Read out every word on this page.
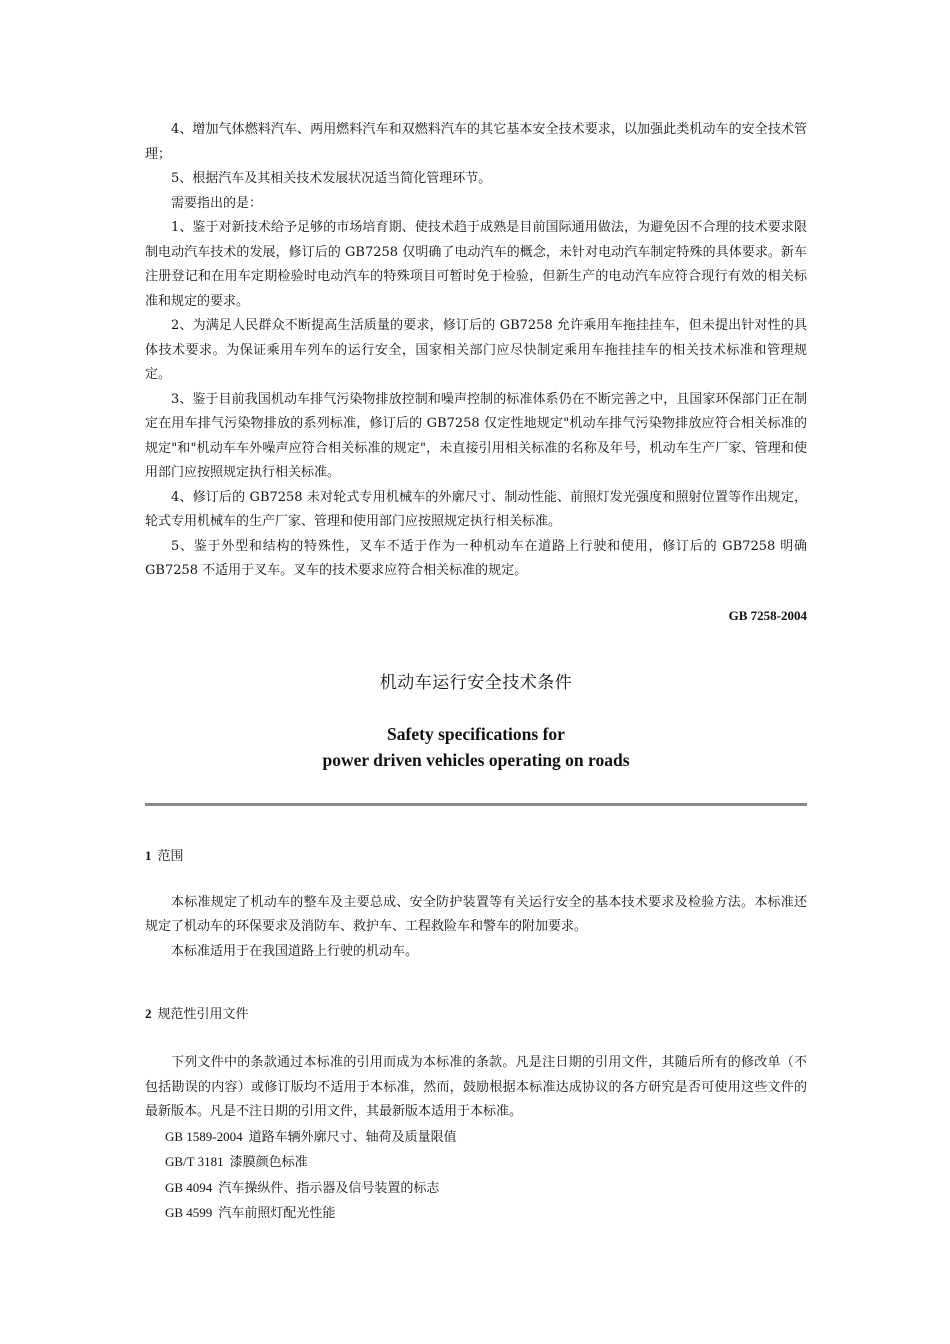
4、增加气体燃料汽车、两用燃料汽车和双燃料汽车的其它基本安全技术要求，以加强此类机动车的安全技术管理；

5、根据汽车及其相关技术发展状况适当简化管理环节。

需要指出的是：

1、鉴于对新技术给予足够的市场培育期、使技术趋于成熟是目前国际通用做法，为避免因不合理的技术要求限制电动汽车技术的发展，修订后的 GB7258 仅明确了电动汽车的概念，未针对电动汽车制定特殊的具体要求。新车注册登记和在用车定期检验时电动汽车的特殊项目可暂时免于检验，但新生产的电动汽车应符合现行有效的相关标准和规定的要求。

2、为满足人民群众不断提高生活质量的要求，修订后的 GB7258 允许乘用车拖挂挂车，但未提出针对性的具体技术要求。为保证乘用车列车的运行安全，国家相关部门应尽快制定乘用车拖挂挂车的相关技术标准和管理规定。

3、鉴于目前我国机动车排气污染物排放控制和噪声控制的标准体系仍在不断完善之中，且国家环保部门正在制定在用车排气污染物排放的系列标准，修订后的 GB7258 仅定性地规定"机动车排气污染物排放应符合相关标准的规定"和"机动车车外噪声应符合相关标准的规定"，未直接引用相关标准的名称及年号，机动车生产厂家、管理和使用部门应按照规定执行相关标准。

4、修订后的 GB7258 未对轮式专用机械车的外廓尺寸、制动性能、前照灯发光强度和照射位置等作出规定，轮式专用机械车的生产厂家、管理和使用部门应按照规定执行相关标准。

5、鉴于外型和结构的特殊性，叉车不适于作为一种机动车在道路上行驶和使用，修订后的 GB7258 明确 GB7258 不适用于叉车。叉车的技术要求应符合相关标准的规定。

GB 7258-2004
机动车运行安全技术条件
Safety specifications for
power driven vehicles operating on roads
1 范围

本标准规定了机动车的整车及主要总成、安全防护装置等有关运行安全的基本技术要求及检验方法。本标准还规定了机动车的环保要求及消防车、救护车、工程救险车和警车的附加要求。

本标准适用于在我国道路上行驶的机动车。

2 规范性引用文件

下列文件中的条款通过本标准的引用而成为本标准的条款。凡是注日期的引用文件，其随后所有的修改单（不包括勘误的内容）或修订版均不适用于本标准，然而，鼓励根据本标准达成协议的各方研究是否可使用这些文件的最新版本。凡是不注日期的引用文件，其最新版本适用于本标准。

GB 1589-2004 道路车辆外廓尺寸、轴荷及质量限值
GB/T 3181 漆膜颜色标准
GB 4094 汽车操纵件、指示器及信号装置的标志
GB 4599 汽车前照灯配光性能
